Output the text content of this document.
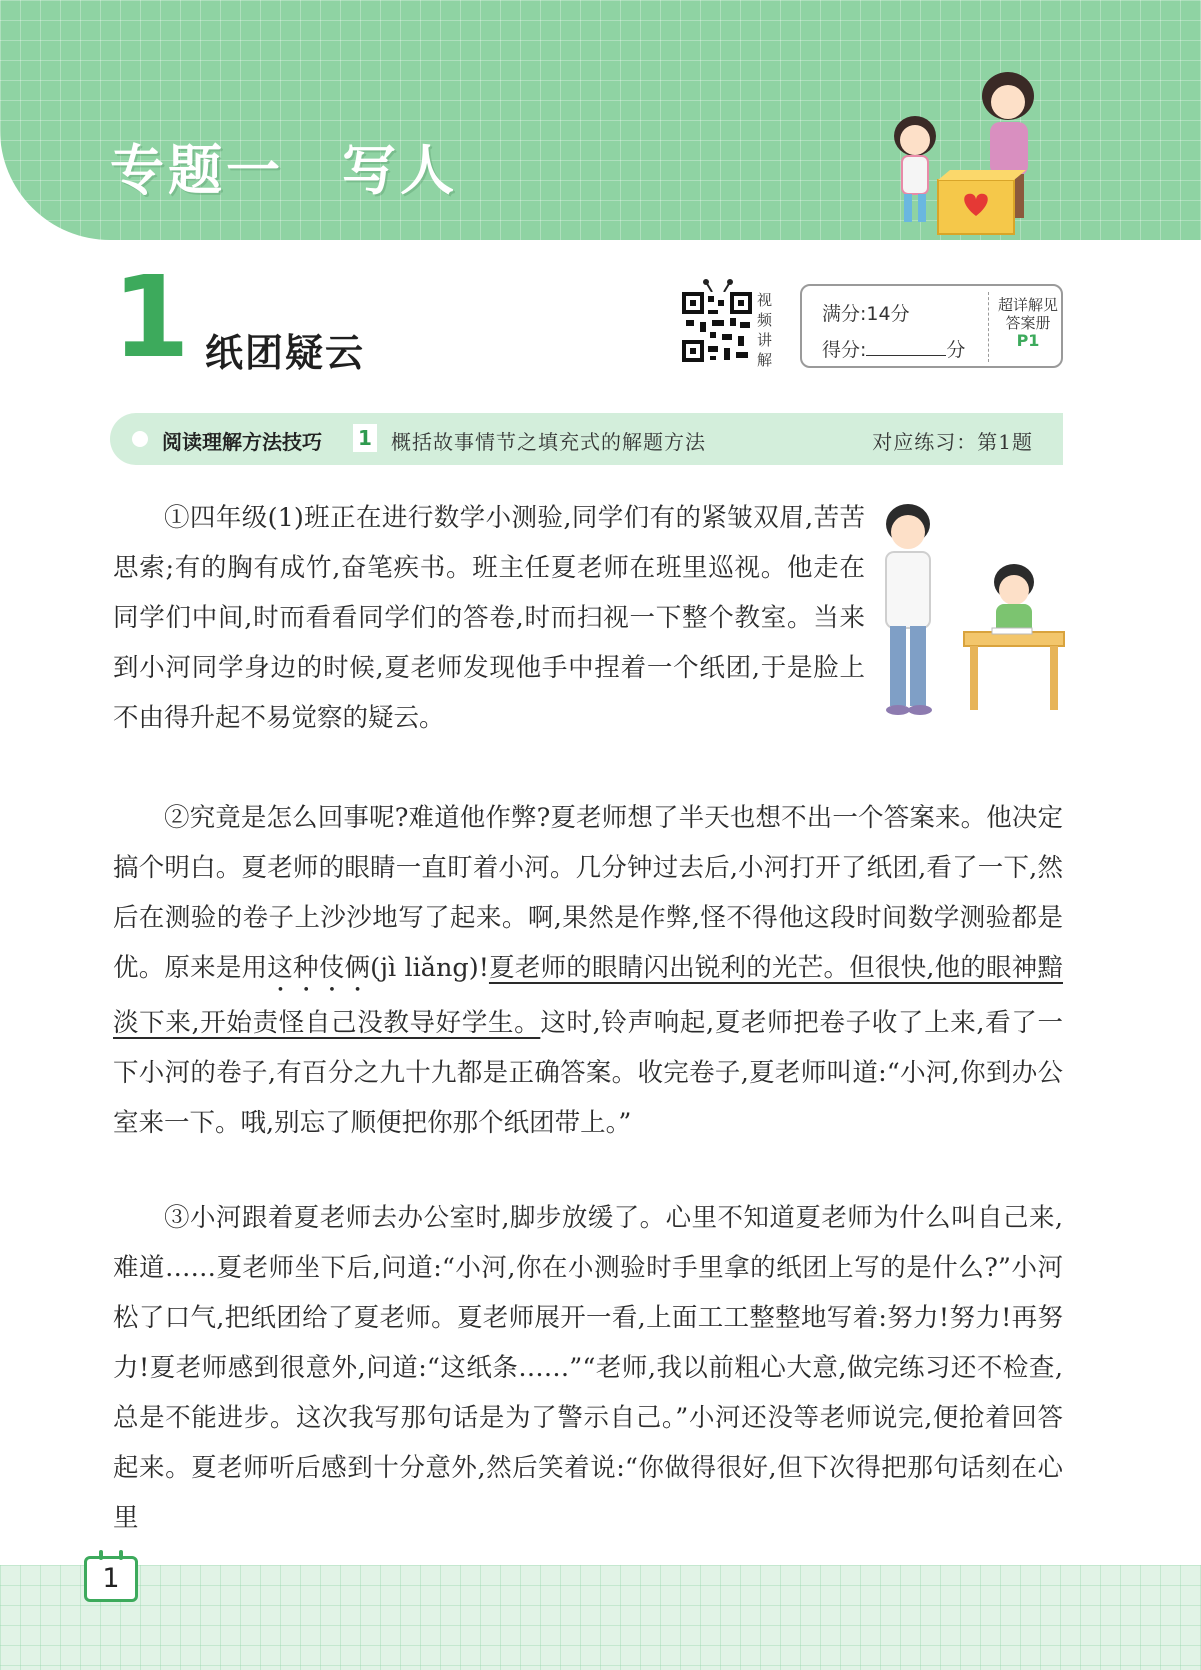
专题一　写人
1 纸团疑云
视频讲解
满分:14分
得分:	分
超详解见
答案册
P1
阅读理解方法技巧 1 概括故事情节之填充式的解题方法	对应练习：第1题

①四年级(1)班正在进行数学小测验,同学们有的紧皱双眉,苦苦思索;有的胸有成竹,奋笔疾书。班主任夏老师在班里巡视。他走在同学们中间,时而看看同学们的答卷,时而扫视一下整个教室。当来到小河同学身边的时候,夏老师发现他手中捏着一个纸团,于是脸上不由得升起不易觉察的疑云。

②究竟是怎么回事呢?难道他作弊?夏老师想了半天也想不出一个答案来。他决定搞个明白。夏老师的眼睛一直盯着小河。几分钟过去后,小河打开了纸团,看了一下,然后在测验的卷子上沙沙地写了起来。啊,果然是作弊,怪不得他这段时间数学测验都是优。原来是用这种伎俩(jì liǎng)!夏老师的眼睛闪出锐利的光芒。但很快,他的眼神黯淡下来,开始责怪自己没教导好学生。这时,铃声响起,夏老师把卷子收了上来,看了一下小河的卷子,有百分之九十九都是正确答案。收完卷子,夏老师叫道:“小河,你到办公室来一下。哦,别忘了顺便把你那个纸团带上。”

③小河跟着夏老师去办公室时,脚步放缓了。心里不知道夏老师为什么叫自己来,难道……夏老师坐下后,问道:“小河,你在小测验时手里拿的纸团上写的是什么?”小河松了口气,把纸团给了夏老师。夏老师展开一看,上面工工整整地写着:努力!努力!再努力!夏老师感到很意外,问道:“这纸条……”“老师,我以前粗心大意,做完练习还不检查,总是不能进步。这次我写那句话是为了警示自己。”小河还没等老师说完,便抢着回答起来。夏老师听后感到十分意外,然后笑着说:“你做得很好,但下次得把那句话刻在心里

1
